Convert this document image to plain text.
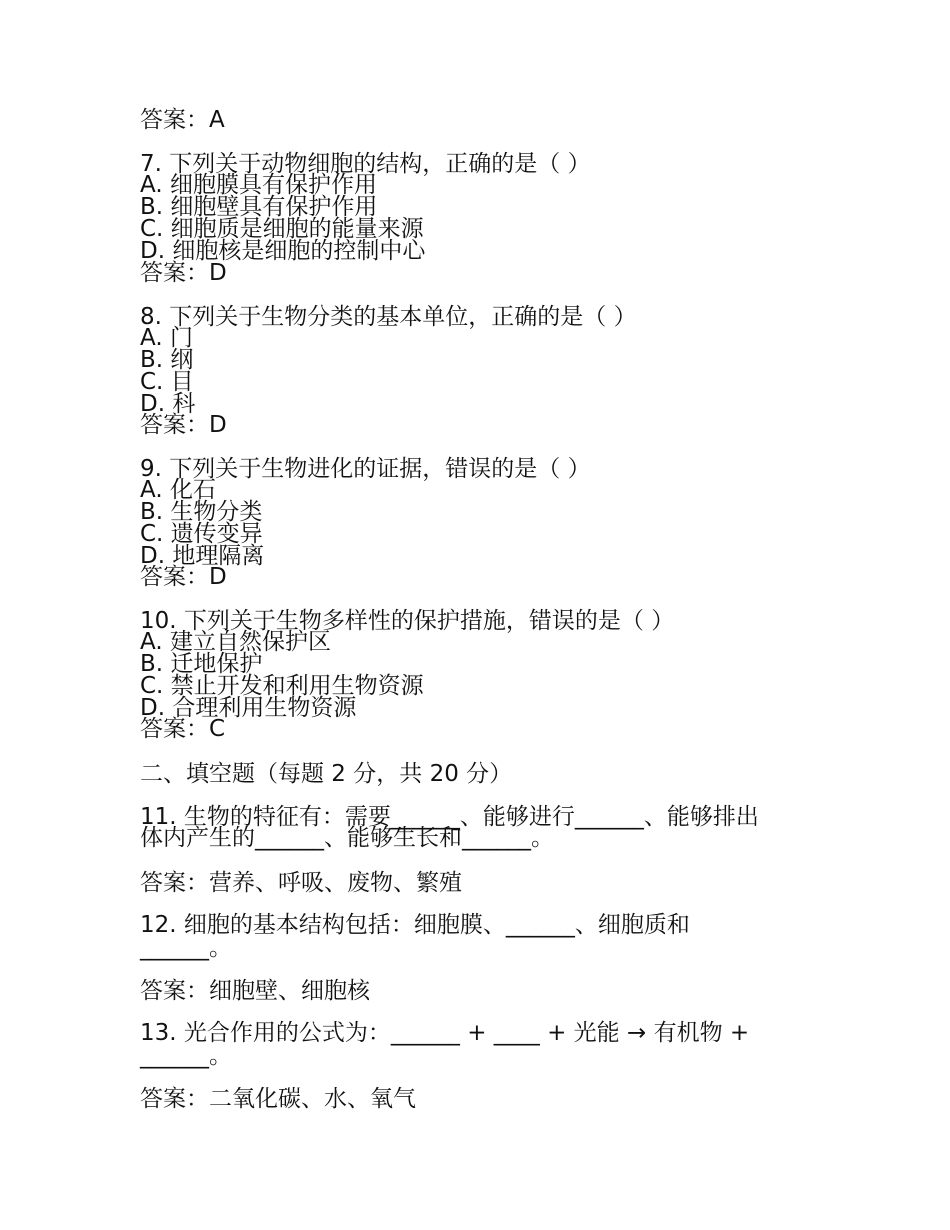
答案：A
7. 下列关于动物细胞的结构，正确的是（ ）
A. 细胞膜具有保护作用
B. 细胞壁具有保护作用
C. 细胞质是细胞的能量来源
D. 细胞核是细胞的控制中心
答案：D
8. 下列关于生物分类的基本单位，正确的是（ ）
A. 门
B. 纲
C. 目
D. 科
答案：D
9. 下列关于生物进化的证据，错误的是（ ）
A. 化石
B. 生物分类
C. 遗传变异
D. 地理隔离
答案：D
10. 下列关于生物多样性的保护措施，错误的是（ ）
A. 建立自然保护区
B. 迁地保护
C. 禁止开发和利用生物资源
D. 合理利用生物资源
答案：C
二、填空题（每题 2 分，共 20 分）
11. 生物的特征有：需要______、能够进行______、能够排出
体内产生的______、能够生长和______。
答案：营养、呼吸、废物、繁殖
12. 细胞的基本结构包括：细胞膜、______、细胞质和
______。
答案：细胞壁、细胞核
13. 光合作用的公式为：______ + ____ + 光能 → 有机物 +
______。
答案：二氧化碳、水、氧气
